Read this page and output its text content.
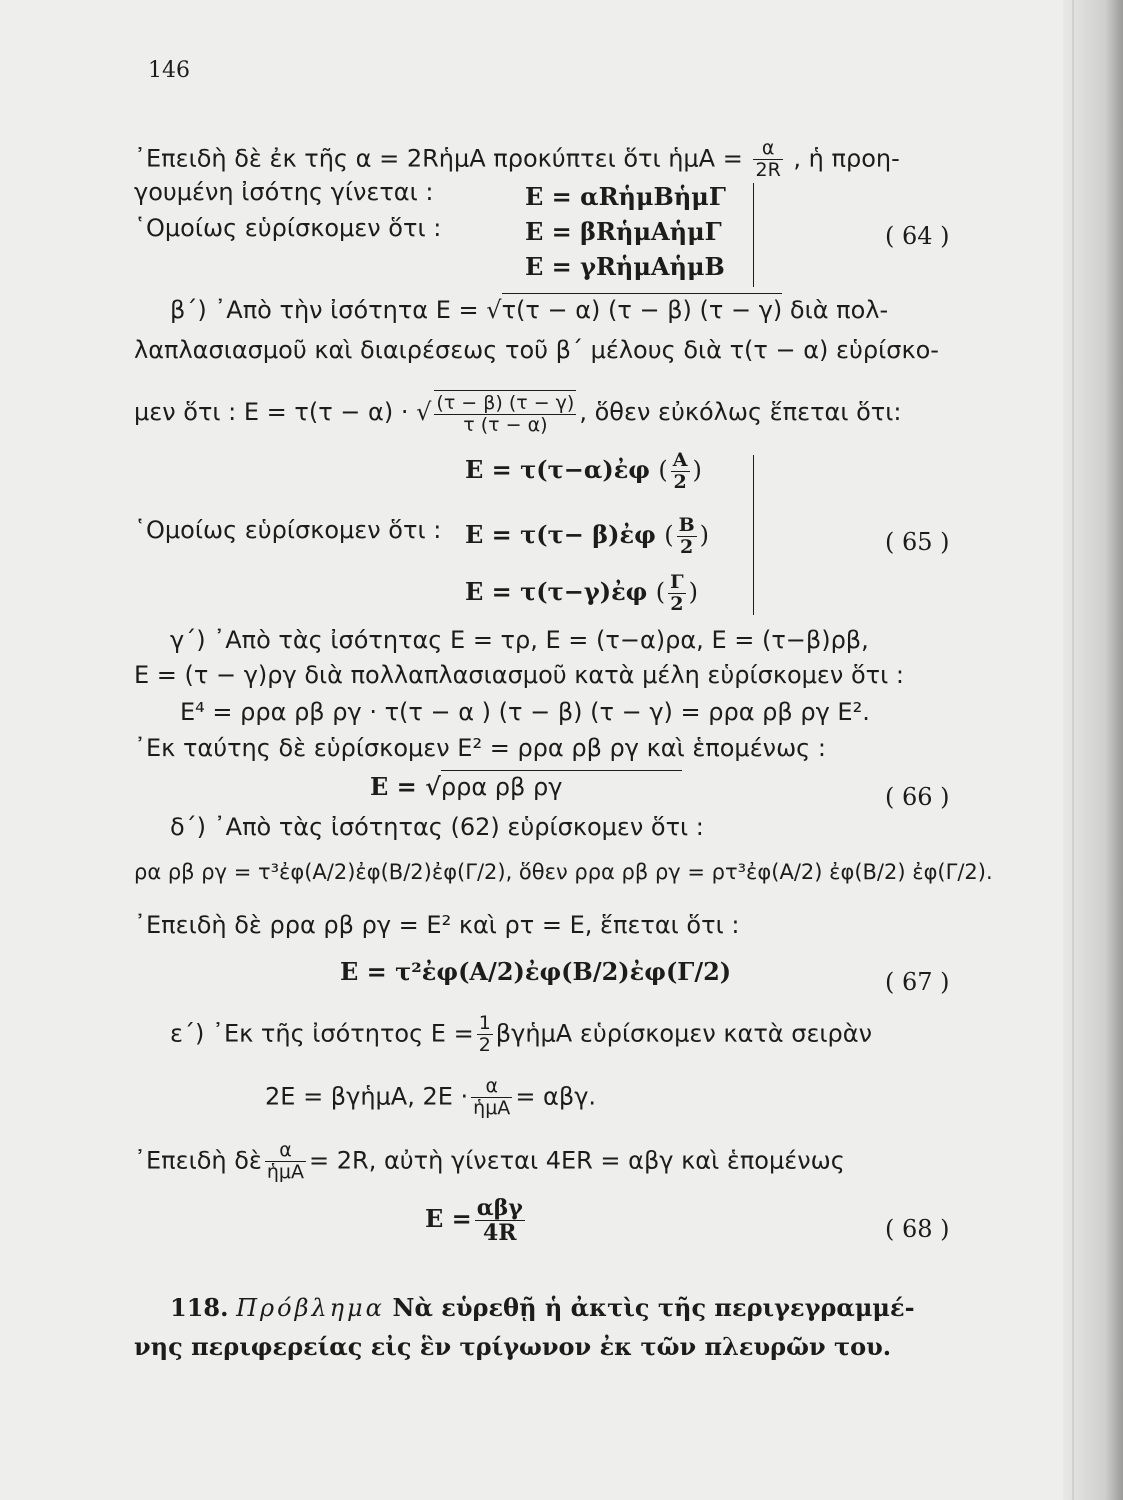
146
᾿Επειδὴ δὲ ἐκ τῆς α = 2RἡμΑ προκύπτει ὅτι ἡμΑ = $\frac{\alpha}{2R}$ , ἡ προη-
γουμένη ἰσότης γίνεται :
῾Ομοίως εὑρίσκομεν ὅτι :
Ε = αRἡμΒἡμΓ
Ε = βRἡμΑἡμΓ
Ε = γRἡμΑἡμΒ
( 64 )
β΄) ᾿Απὸ τὴν ἰσότητα Ε = √τ(τ − α) (τ − β) (τ − γ) διὰ πολ-
λαπλασιασμοῦ καὶ διαιρέσεως τοῦ β΄ μέλους διὰ τ(τ − α) εὑρίσκο-
μεν ὅτι : Ε = τ(τ − α) · √ $\frac{(\tau - \beta) (\tau - \gamma)}{\tau (\tau - \alpha)}$ , ὅθεν εὐκόλως ἕπεται ὅτι:
Ε = τ(τ−α)ἐφ ( $\frac{A}{2}$ )
Ε = τ(τ− β)ἐφ ( $\frac{B}{2}$ )
Ε = τ(τ−γ)ἐφ ( $\frac{\Gamma}{2}$ )
῾Ομοίως εὑρίσκομεν ὅτι :	( 65 )
γ΄) ᾿Απὸ τὰς ἰσότητας Ε = τρ, Ε = (τ−α)ρα, Ε = (τ−β)ρβ,
Ε = (τ − γ)ργ διὰ πολλαπλασιασμοῦ κατὰ μέλη εὑρίσκομεν ὅτι :
Ε⁴ = ρρα ρβ ργ · τ(τ − α ) (τ − β) (τ − γ) = ρρα ρβ ργ Ε².
᾿Εκ ταύτης δὲ εὑρίσκομεν Ε² = ρρα ρβ ργ καὶ ἑπομένως :
Ε = √ρρα ρβ ργ	( 66 )
δ΄) ᾿Απὸ τὰς ἰσότητας (62) εὑρίσκομεν ὅτι :
ρα ρβ ργ = τ³ἐφ(Α/2)ἐφ(Β/2)ἐφ(Γ/2), ὅθεν ρρα ρβ ργ = ρτ³ἐφ(Α/2) ἐφ(Β/2) ἐφ(Γ/2).
᾿Επειδὴ δὲ ρρα ρβ ργ = Ε² καὶ ρτ = Ε, ἕπεται ὅτι :
Ε = τ²ἐφ(Α/2)ἐφ(Β/2)ἐφ(Γ/2)	( 67 )
ε΄) ᾿Εκ τῆς ἰσότητος $E = \frac{1}{2}$ βγἡμΑ εὑρίσκομεν κατὰ σειρὰν
2Ε = βγἡμΑ, 2Ε · α
ἡμΑ = αβγ.
᾿Επειδὴ δὲ α
ἡμΑ = 2R, αὐτὴ γίνεται 4ΕR = αβγ καὶ ἑπομένως
Ε = αβγ
4R	( 68 )
118. Πρόβλημα Νὰ εὑρεθῇ ἡ ἀκτὶς τῆς περιγεγραμμέ-
νης περιφερείας εἰς ἓν τρίγωνον ἐκ τῶν πλευρῶν του.
